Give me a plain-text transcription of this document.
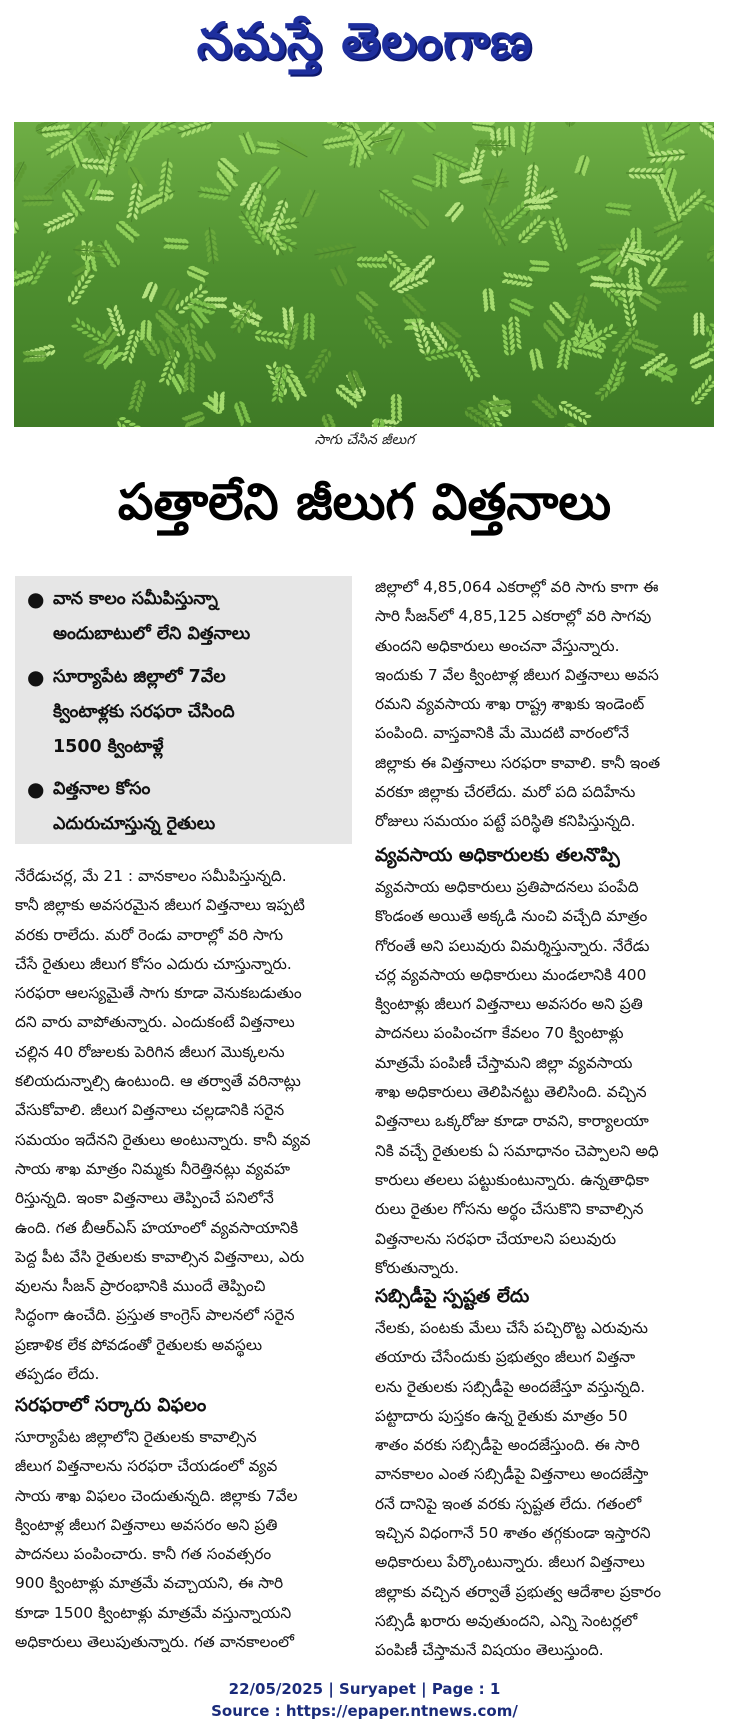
నమస్తే తెలంగాణ
సాగు చేసిన జీలుగ
పత్తాలేని జీలుగ విత్తనాలు
● వాన కాలం సమీపిస్తున్నా
అందుబాటులో లేని విత్తనాలు
● సూర్యాపేట జిల్లాలో 7వేల
క్వింటాళ్లకు సరఫరా చేసింది
1500 క్వింటాళ్లే
● విత్తనాల కోసం
ఎదురుచూస్తున్న రైతులు
నేరేడుచర్ల, మే 21 : వానకాలం సమీపిస్తున్నది.
కానీ జిల్లాకు అవసరమైన జీలుగ విత్తనాలు ఇప్పటి
వరకు రాలేదు. మరో రెండు వారాల్లో వరి సాగు
చేసే రైతులు జీలుగ కోసం ఎదురు చూస్తున్నారు.
సరఫరా ఆలస్యమైతే సాగు కూడా వెనుకబడుతుం
దని వారు వాపోతున్నారు. ఎందుకంటే విత్తనాలు
చల్లిన 40 రోజులకు పెరిగిన జీలుగ మొక్కలను
కలియదున్నాల్సి ఉంటుంది. ఆ తర్వాతే వరినాట్లు
వేసుకోవాలి. జీలుగ విత్తనాలు చల్లడానికి సరైన
సమయం ఇదేనని రైతులు అంటున్నారు. కానీ వ్యవ
సాయ శాఖ మాత్రం నిమ్మకు నీరెత్తినట్లు వ్యవహ
రిస్తున్నది. ఇంకా విత్తనాలు తెప్పించే పనిలోనే
ఉంది. గత బీఆర్ఎస్ హయాంలో వ్యవసాయానికి
పెద్ద పీట వేసి రైతులకు కావాల్సిన విత్తనాలు, ఎరు
వులను సీజన్ ప్రారంభానికి ముందే తెప్పించి
సిద్ధంగా ఉంచేది. ప్రస్తుత కాంగ్రెస్ పాలనలో సరైన
ప్రణాళిక లేక పోవడంతో రైతులకు అవస్థలు
తప్పడం లేదు.
సరఫరాలో సర్కారు విఫలం
సూర్యాపేట జిల్లాలోని రైతులకు కావాల్సిన
జీలుగ విత్తనాలను సరఫరా చేయడంలో వ్యవ
సాయ శాఖ విఫలం చెందుతున్నది. జిల్లాకు 7వేల
క్వింటాళ్ల జీలుగ విత్తనాలు అవసరం అని ప్రతి
పాదనలు పంపించారు. కానీ గత సంవత్సరం
900 క్వింటాళ్లు మాత్రమే వచ్చాయని, ఈ సారి
కూడా 1500 క్వింటాళ్లు మాత్రమే వస్తున్నాయని
అధికారులు తెలుపుతున్నారు. గత వానకాలంలో
జిల్లాలో 4,85,064 ఎకరాల్లో వరి సాగు కాగా ఈ
సారి సీజన్‌లో 4,85,125 ఎకరాల్లో వరి సాగవు
తుందని అధికారులు అంచనా వేస్తున్నారు.
ఇందుకు 7 వేల క్వింటాళ్ల జీలుగ విత్తనాలు అవస
రమని వ్యవసాయ శాఖ రాష్ట్ర శాఖకు ఇండెంట్
పంపింది. వాస్తవానికి మే మొదటి వారంలోనే
జిల్లాకు ఈ విత్తనాలు సరఫరా కావాలి. కానీ ఇంత
వరకూ జిల్లాకు చేరలేదు. మరో పది పదిహేను
రోజులు సమయం పట్టే పరిస్థితి కనిపిస్తున్నది.
వ్యవసాయ అధికారులకు తలనొప్పి
వ్యవసాయ అధికారులు ప్రతిపాదనలు పంపేది
కొండంత అయితే అక్కడి నుంచి వచ్చేది మాత్రం
గోరంతే అని పలువురు విమర్శిస్తున్నారు. నేరేడు
చర్ల వ్యవసాయ అధికారులు మండలానికి 400
క్వింటాళ్లు జీలుగ విత్తనాలు అవసరం అని ప్రతి
పాదనలు పంపించగా కేవలం 70 క్వింటాళ్లు
మాత్రమే పంపిణీ చేస్తామని జిల్లా వ్యవసాయ
శాఖ అధికారులు తెలిపినట్టు తెలిసింది. వచ్చిన
విత్తనాలు ఒక్కరోజు కూడా రావని, కార్యాలయా
నికి వచ్చే రైతులకు ఏ సమాధానం చెప్పాలని అధి
కారులు తలలు పట్టుకుంటున్నారు. ఉన్నతాధికా
రులు రైతుల గోసను అర్థం చేసుకొని కావాల్సిన
విత్తనాలను సరఫరా చేయాలని పలువురు
కోరుతున్నారు.
సబ్సిడీపై స్పష్టత లేదు
నేలకు, పంటకు మేలు చేసే పచ్చిరొట్ట ఎరువును
తయారు చేసేందుకు ప్రభుత్వం జీలుగ విత్తనా
లను రైతులకు సబ్సిడీపై అందజేస్తూ వస్తున్నది.
పట్టాదారు పుస్తకం ఉన్న రైతుకు మాత్రం 50
శాతం వరకు సబ్సిడీపై అందజేస్తుంది. ఈ సారి
వానకాలం ఎంత సబ్సిడీపై విత్తనాలు అందజేస్తా
రనే దానిపై ఇంత వరకు స్పష్టత లేదు. గతంలో
ఇచ్చిన విధంగానే 50 శాతం తగ్గకుండా ఇస్తారని
అధికారులు పేర్కొంటున్నారు. జీలుగ విత్తనాలు
జిల్లాకు వచ్చిన తర్వాతే ప్రభుత్వ ఆదేశాల ప్రకారం
సబ్సిడీ ఖరారు అవుతుందని, ఎన్ని సెంటర్లలో
పంపిణీ చేస్తామనే విషయం తెలుస్తుంది.
22/05/2025 | Suryapet | Page : 1
Source : https://epaper.ntnews.com/
